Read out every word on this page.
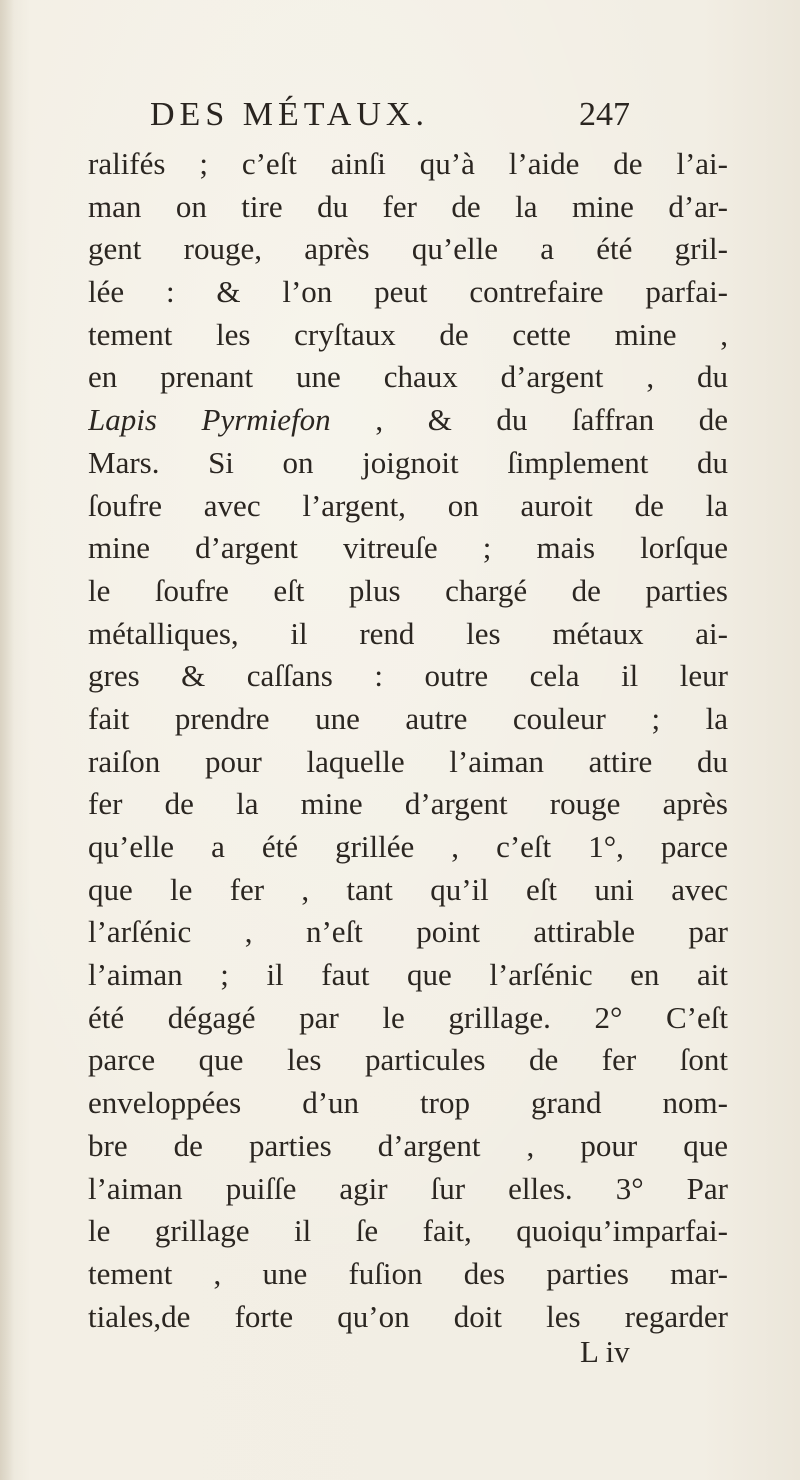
DES MÉTAUX.	247
ralifés ; c’eſt ainſi qu’à l’aide de l’ai-
man on tire du fer de la mine d’ar-
gent rouge, après qu’elle a été gril-
lée : & l’on peut contrefaire parfai-
tement les cryſtaux de cette mine ,
en prenant une chaux d’argent , du
Lapis Pyrmiefon , & du ſaffran de
Mars. Si on joignoit ſimplement du
ſoufre avec l’argent, on auroit de la
mine d’argent vitreuſe ; mais lorſque
le ſoufre eſt plus chargé de parties
métalliques, il rend les métaux ai-
gres & caſſans : outre cela il leur
fait prendre une autre couleur ; la
raiſon pour laquelle l’aiman attire du
fer de la mine d’argent rouge après
qu’elle a été grillée , c’eſt 1°, parce
que le fer , tant qu’il eſt uni avec
l’arſénic , n’eſt point attirable par
l’aiman ; il faut que l’arſénic en ait
été dégagé par le grillage. 2° C’eſt
parce que les particules de fer ſont
enveloppées d’un trop grand nom-
bre de parties d’argent , pour que
l’aiman puiſſe agir ſur elles. 3° Par
le grillage il ſe fait, quoiqu’imparfai-
tement , une fuſion des parties mar-
tiales,de forte qu’on doit les regarder
L iv
